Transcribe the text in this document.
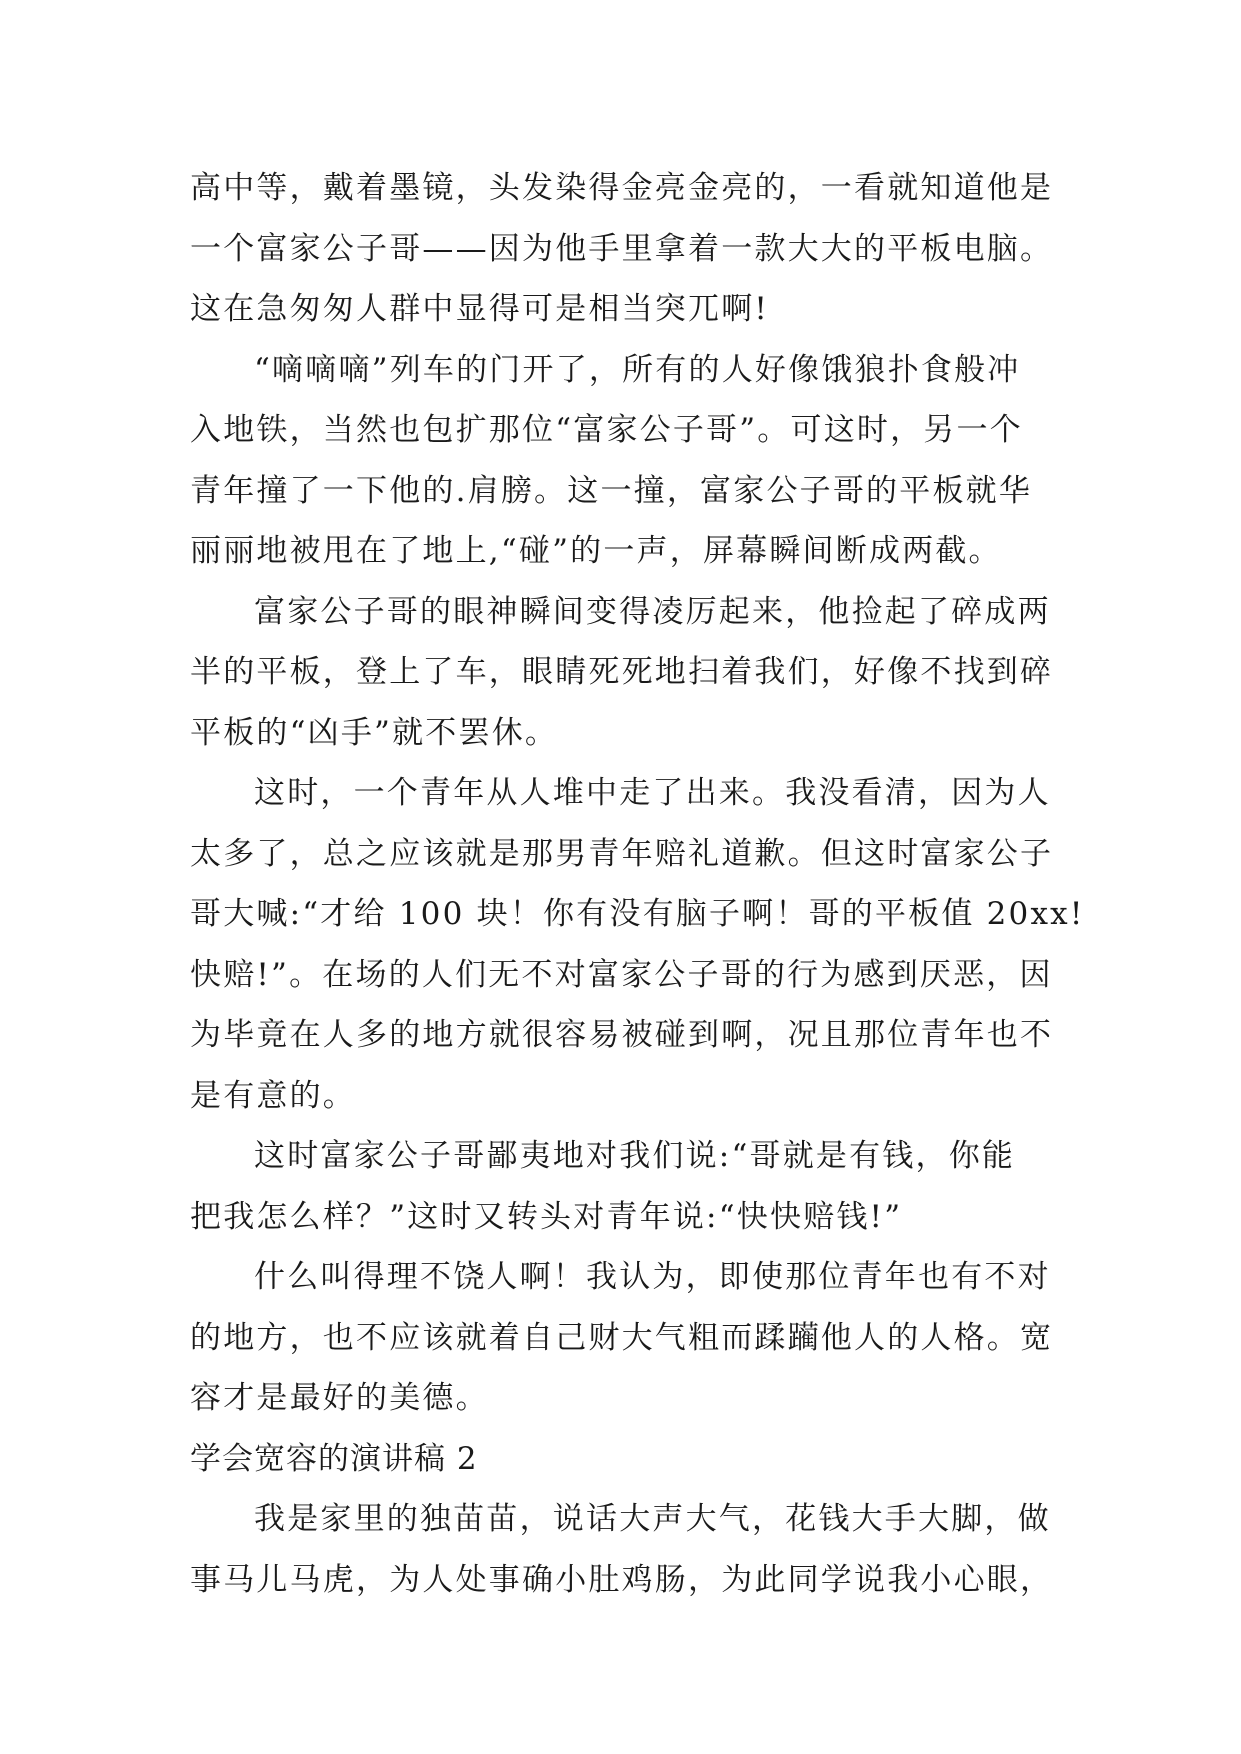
高中等，戴着墨镜，头发染得金亮金亮的，一看就知道他是
一个富家公子哥——因为他手里拿着一款大大的平板电脑。
这在急匆匆人群中显得可是相当突兀啊!
“嘀嘀嘀”列车的门开了，所有的人好像饿狼扑食般冲
入地铁，当然也包扩那位“富家公子哥”。可这时，另一个
青年撞了一下他的.肩膀。这一撞，富家公子哥的平板就华
丽丽地被甩在了地上,“碰”的一声，屏幕瞬间断成两截。
富家公子哥的眼神瞬间变得凌厉起来，他捡起了碎成两
半的平板，登上了车，眼睛死死地扫着我们，好像不找到碎
平板的“凶手”就不罢休。
这时，一个青年从人堆中走了出来。我没看清，因为人
太多了，总之应该就是那男青年赔礼道歉。但这时富家公子
哥大喊:“才给 100 块！你有没有脑子啊！哥的平板值 20xx!
快赔!”。在场的人们无不对富家公子哥的行为感到厌恶，因
为毕竟在人多的地方就很容易被碰到啊，况且那位青年也不
是有意的。
这时富家公子哥鄙夷地对我们说:“哥就是有钱，你能
把我怎么样？”这时又转头对青年说:“快快赔钱!”
什么叫得理不饶人啊！我认为，即使那位青年也有不对
的地方，也不应该就着自己财大气粗而蹂躏他人的人格。宽
容才是最好的美德。
学会宽容的演讲稿 2
我是家里的独苗苗，说话大声大气，花钱大手大脚，做
事马儿马虎，为人处事确小肚鸡肠，为此同学说我小心眼，
